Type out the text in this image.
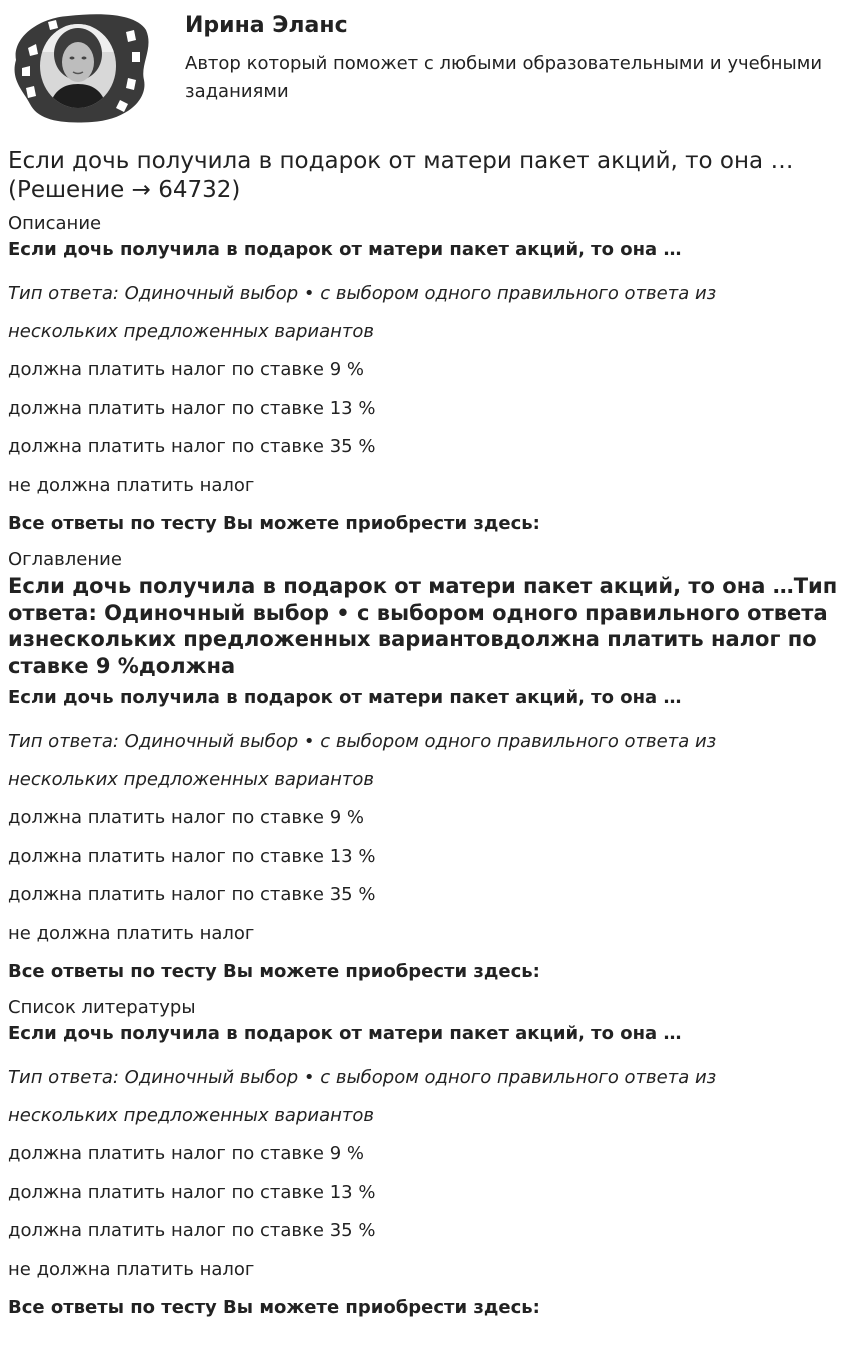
Ирина Эланс
Автор который поможет с любыми образовательными и учебными заданиями
Если дочь получила в подарок от матери пакет акций, то она … (Решение → 64732)
Описание
Если дочь получила в подарок от матери пакет акций, то она …
Тип ответа: Одиночный выбор • с выбором одного правильного ответа из
нескольких предложенных вариантов
должна платить налог по ставке 9 %
должна платить налог по ставке 13 %
должна платить налог по ставке 35 %
не должна платить налог
Все ответы по тесту Вы можете приобрести здесь:
Оглавление
Если дочь получила в подарок от матери пакет акций, то она …Тип ответа: Одиночный выбор • с выбором одного правильного ответа изнескольких предложенных вариантовдолжна платить налог по ставке 9 %должна
Если дочь получила в подарок от матери пакет акций, то она …
Тип ответа: Одиночный выбор • с выбором одного правильного ответа из
нескольких предложенных вариантов
должна платить налог по ставке 9 %
должна платить налог по ставке 13 %
должна платить налог по ставке 35 %
не должна платить налог
Все ответы по тесту Вы можете приобрести здесь:
Список литературы
Если дочь получила в подарок от матери пакет акций, то она …
Тип ответа: Одиночный выбор • с выбором одного правильного ответа из
нескольких предложенных вариантов
должна платить налог по ставке 9 %
должна платить налог по ставке 13 %
должна платить налог по ставке 35 %
не должна платить налог
Все ответы по тесту Вы можете приобрести здесь:
